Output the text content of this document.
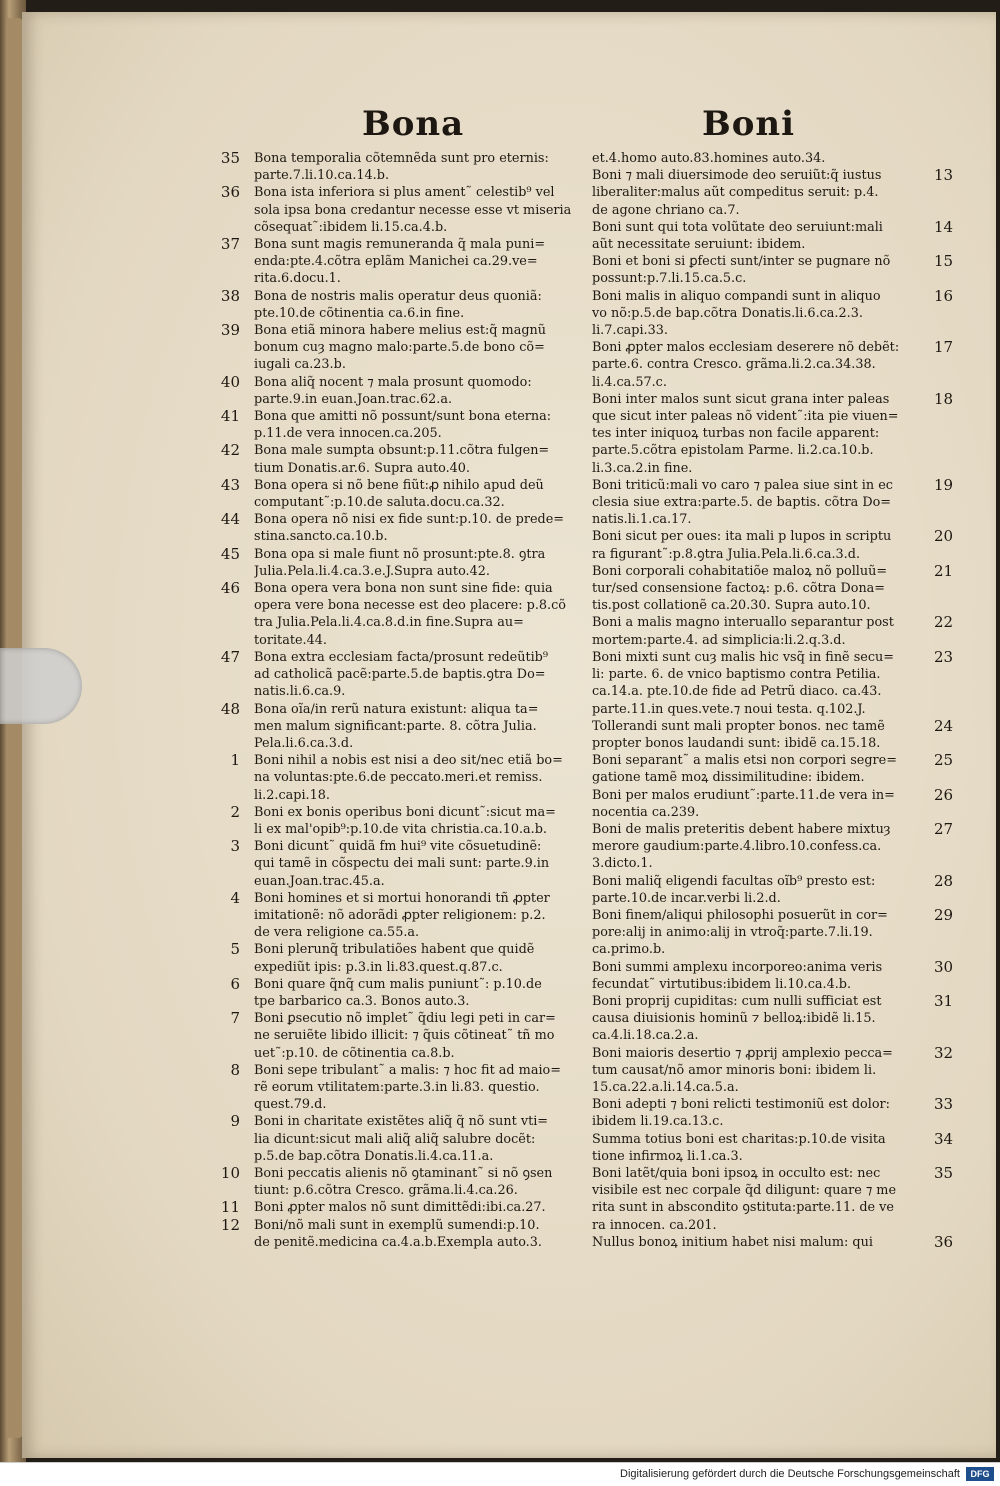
Bona	Boni
35 Bona temporalia cõtemnẽda sunt pro eternis:
parte.7.li.10.ca.14.b.
36 Bona ista inferiora si plus ament˜ celestib⁹ vel
sola ipsa bona credantur necesse esse vt miseria
cõsequat˜:ibidem li.15.ca.4.b.
37 Bona sunt magis remuneranda q̃ mala puni=
enda:pte.4.cõtra eplãm Manichei ca.29.ve=
rita.6.docu.1.
38 Bona de nostris malis operatur deus quoniã:
pte.10.de cõtinentia ca.6.in fine.
39 Bona etiã minora habere melius est:q̃ magnũ
bonum cuȝ magno malo:parte.5.de bono cõ=
iugali ca.23.b.
40 Bona aliq̃ nocent ⁊ mala prosunt quomodo:
parte.9.in euan.Joan.trac.62.a.
41 Bona que amitti nõ possunt/sunt bona eterna:
p.11.de vera innocen.ca.205.
42 Bona male sumpta obsunt:p.11.cõtra fulgen=
tium Donatis.ar.6. Supra auto.40.
43 Bona opera si nõ bene fiũt:ꝓ nihilo apud deũ
computant˜:p.10.de saluta.docu.ca.32.
44 Bona opera nõ nisi ex fide sunt:p.10. de prede=
stina.sancto.ca.10.b.
45 Bona opa si male fiunt nõ prosunt:pte.8. ꝯtra
Julia.Pela.li.4.ca.3.e.J.Supra auto.42.
46 Bona opera vera bona non sunt sine fide: quia
opera vere bona necesse est deo placere: p.8.cõ
tra Julia.Pela.li.4.ca.8.d.in fine.Supra au=
toritate.44.
47 Bona extra ecclesiam facta/prosunt redeũtib⁹
ad catholicã pacẽ:parte.5.de baptis.ꝯtra Do=
natis.li.6.ca.9.
48 Bona oĩa/in rerũ natura existunt: aliqua ta=
men malum significant:parte. 8. cõtra Julia.
Pela.li.6.ca.3.d.
1 Boni nihil a nobis est nisi a deo sit/nec etiã bo=
na voluntas:pte.6.de peccato.meri.et remiss.
li.2.capi.18.
2 Boni ex bonis operibus boni dicunt˜:sicut ma=
li ex mal'opib⁹:p.10.de vita christia.ca.10.a.b.
3 Boni dicunt˜ quidã fm hui⁹ vite cõsuetudinẽ:
qui tamẽ in cõspectu dei mali sunt: parte.9.in
euan.Joan.trac.45.a.
4 Boni homines et si mortui honorandi tñ ꝓpter
imitationẽ: nõ adorãdi ꝓpter religionem: p.2.
de vera religione ca.55.a.
5 Boni plerunq̃ tribulatiões habent que quidẽ
expediũt ipis: p.3.in li.83.quest.q.87.c.
6 Boni quare q̃nq̃ cum malis puniunt˜: p.10.de
tpe barbarico ca.3. Bonos auto.3.
7 Boni ꝑsecutio nõ implet˜ q̃diu legi peti in car=
ne seruiẽte libido illicit: ⁊ q̃uis cõtineat˜ tñ mo
uet˜:p.10. de cõtinentia ca.8.b.
8 Boni sepe tribulant˜ a malis: ⁊ hoc fit ad maio=
rẽ eorum vtilitatem:parte.3.in li.83. questio.
quest.79.d.
9 Boni in charitate existẽtes aliq̃ q̃ nõ sunt vti=
lia dicunt:sicut mali aliq̃ aliq̃ salubre docẽt:
p.5.de bap.cõtra Donatis.li.4.ca.11.a.
10 Boni peccatis alienis nõ ꝯtaminant˜ si nõ ꝯsen
tiunt: p.6.cõtra Cresco. grãma.li.4.ca.26.
11 Boni ꝓpter malos nõ sunt dimittẽdi:ibi.ca.27.
12 Boni/nõ mali sunt in exemplũ sumendi:p.10.
de penitẽ.medicina ca.4.a.b.Exempla auto.3.
et.4.homo auto.83.homines auto.34.
13
Boni ⁊ mali diuersimode deo seruiũt:q̃ iustus
liberaliter:malus aũt compeditus seruit: p.4.
de agone chriano ca.7.
14
Boni sunt qui tota volũtate deo seruiunt:mali
aũt necessitate seruiunt: ibidem.
15
Boni et boni si ꝑfecti sunt/inter se pugnare nõ
possunt:p.7.li.15.ca.5.c.
16
Boni malis in aliquo compandi sunt in aliquo
vo nõ:p.5.de bap.cõtra Donatis.li.6.ca.2.3.
li.7.capi.33.
17
Boni ꝓpter malos ecclesiam deserere nõ debẽt:
parte.6. contra Cresco. grãma.li.2.ca.34.38.
li.4.ca.57.c.
18
Boni inter malos sunt sicut grana inter paleas
que sicut inter paleas nõ vident˜:ita pie viuen=
tes inter iniquoꝝ turbas non facile apparent:
parte.5.cõtra epistolam Parme. li.2.ca.10.b.
li.3.ca.2.in fine.
19
Boni triticũ:mali vo caro ⁊ palea siue sint in ec
clesia siue extra:parte.5. de baptis. cõtra Do=
natis.li.1.ca.17.
20
Boni sicut per oues: ita mali p lupos in scriptu
ra figurant˜:p.8.ꝯtra Julia.Pela.li.6.ca.3.d.
21
Boni corporali cohabitatiõe maloꝝ nõ polluũ=
tur/sed consensione factoꝝ: p.6. cõtra Dona=
tis.post collationẽ ca.20.30. Supra auto.10.
22
Boni a malis magno interuallo separantur post
mortem:parte.4. ad simplicia:li.2.q.3.d.
23
Boni mixti sunt cuȝ malis hic vsq̃ in finẽ secu=
li: parte. 6. de vnico baptismo contra Petilia.
ca.14.a. pte.10.de fide ad Petrũ diaco. ca.43.
parte.11.in ques.vete.⁊ noui testa. q.102.J.
24
Tollerandi sunt mali propter bonos. nec tamẽ
propter bonos laudandi sunt: ibidẽ ca.15.18.
25
Boni separant˜ a malis etsi non corpori segre=
gatione tamẽ moꝝ dissimilitudine: ibidem.
26
Boni per malos erudiunt˜:parte.11.de vera in=
nocentia ca.239.
27
Boni de malis preteritis debent habere mixtuȝ
merore gaudium:parte.4.libro.10.confess.ca.
3.dicto.1.
28
Boni maliq̃ eligendi facultas oĩb⁹ presto est:
parte.10.de incar.verbi li.2.d.
29
Boni finem/aliqui philosophi posuerũt in cor=
pore:alij in animo:alij in vtroq̃:parte.7.li.19.
ca.primo.b.
30
Boni summi amplexu incorporeo:anima veris
fecundat˜ virtutibus:ibidem li.10.ca.4.b.
31
Boni proprij cupiditas: cum nulli sufficiat est
causa diuisionis hominũ ⁊ belloꝝ:ibidẽ li.15.
ca.4.li.18.ca.2.a.
32
Boni maioris desertio ⁊ ꝓprij amplexio pecca=
tum causat/nõ amor minoris boni: ibidem li.
15.ca.22.a.li.14.ca.5.a.
33
Boni adepti ⁊ boni relicti testimoniũ est dolor:
ibidem li.19.ca.13.c.
34
Summa totius boni est charitas:p.10.de visita
tione infirmoꝝ li.1.ca.3.
35
Boni latẽt/quia boni ipsoꝝ in occulto est: nec
visibile est nec corpale q̃d diligunt: quare ⁊ me
rita sunt in abscondito ꝯstituta:parte.11. de ve
ra innocen. ca.201.
36
Nullus bonoꝝ initium habet nisi malum: qui
Digitalisierung gefördert durch die Deutsche Forschungsgemeinschaft	DFG
